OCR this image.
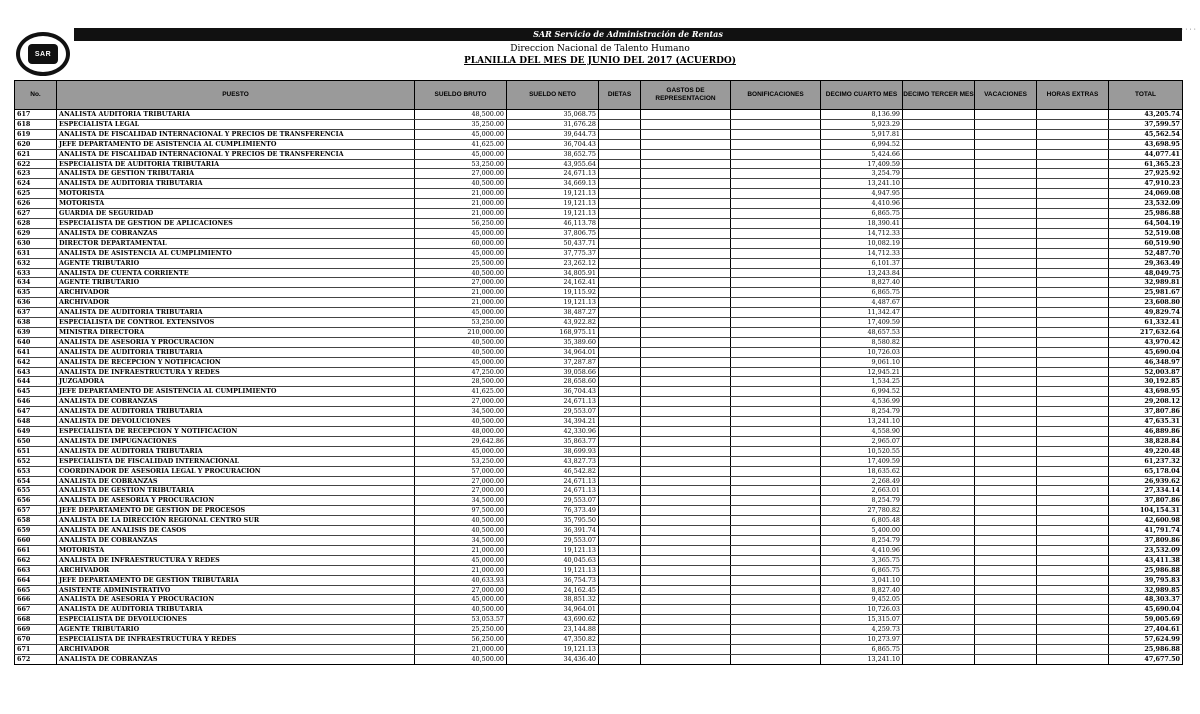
SAR
SAR Servicio de Administración de Rentas	· · · ·
Direccion Nacional de Talento Humano
PLANILLA DEL MES DE JUNIO DEL 2017 (ACUERDO)
No.	PUESTO	SUELDO BRUTO	SUELDO NETO	DIETAS	GASTOS DE REPRESENTACION	BONIFICACIONES	DECIMO CUARTO MES	DECIMO TERCER MES	VACACIONES	HORAS EXTRAS	TOTAL
617	ANALISTA AUDITORIA TRIBUTARIA	48,500.00	35,068.75				8,136.99				43,205.74
618	ESPECIALISTA LEGAL	35,250.00	31,676.28				5,923.29				37,599.57
619	ANALISTA DE FISCALIDAD INTERNACIONAL Y PRECIOS DE TRANSFERENCIA	45,000.00	39,644.73				5,917.81				45,562.54
620	JEFE DEPARTAMENTO DE ASISTENCIA AL CUMPLIMIENTO	41,625.00	36,704.43				6,994.52				43,698.95
621	ANALISTA DE FISCALIDAD INTERNACIONAL Y PRECIOS DE TRANSFERENCIA	45,000.00	38,652.75				5,424.66				44,077.41
622	ESPECIALISTA DE AUDITORIA TRIBUTARIA	53,250.00	43,955.64				17,409.59				61,365.23
623	ANALISTA DE GESTION TRIBUTARIA	27,000.00	24,671.13				3,254.79				27,925.92
624	ANALISTA DE AUDITORIA TRIBUTARIA	40,500.00	34,669.13				13,241.10				47,910.23
625	MOTORISTA	21,000.00	19,121.13				4,947.95				24,069.08
626	MOTORISTA	21,000.00	19,121.13				4,410.96				23,532.09
627	GUARDIA DE SEGURIDAD	21,000.00	19,121.13				6,865.75				25,986.88
628	ESPECIALISTA DE GESTION DE APLICACIONES	56,250.00	46,113.78				18,390.41				64,504.19
629	ANALISTA DE COBRANZAS	45,000.00	37,806.75				14,712.33				52,519.08
630	DIRECTOR DEPARTAMENTAL	60,000.00	50,437.71				10,082.19				60,519.90
631	ANALISTA DE ASISTENCIA AL CUMPLIMIENTO	45,000.00	37,775.37				14,712.33				52,487.70
632	AGENTE TRIBUTARIO	25,500.00	23,262.12				6,101.37				29,363.49
633	ANALISTA DE CUENTA CORRIENTE	40,500.00	34,805.91				13,243.84				48,049.75
634	AGENTE TRIBUTARIO	27,000.00	24,162.41				8,827.40				32,989.81
635	ARCHIVADOR	21,000.00	19,115.92				6,865.75				25,981.67
636	ARCHIVADOR	21,000.00	19,121.13				4,487.67				23,608.80
637	ANALISTA DE AUDITORIA TRIBUTARIA	45,000.00	38,487.27				11,342.47				49,829.74
638	ESPECIALISTA DE CONTROL EXTENSIVOS	53,250.00	43,922.82				17,409.59				61,332.41
639	MINISTRA DIRECTORA	210,000.00	168,975.11				48,657.53				217,632.64
640	ANALISTA DE ASESORIA Y PROCURACION	40,500.00	35,389.60				8,580.82				43,970.42
641	ANALISTA DE AUDITORIA TRIBUTARIA	40,500.00	34,964.01				10,726.03				45,690.04
642	ANALISTA DE RECEPCION Y NOTIFICACION	45,000.00	37,287.87				9,061.10				46,348.97
643	ANALISTA DE INFRAESTRUCTURA Y REDES	47,250.00	39,058.66				12,945.21				52,003.87
644	JUZGADORA	28,500.00	28,658.60				1,534.25				30,192.85
645	JEFE DEPARTAMENTO DE ASISTENCIA AL CUMPLIMIENTO	41,625.00	36,704.43				6,994.52				43,698.95
646	ANALISTA DE COBRANZAS	27,000.00	24,671.13				4,536.99				29,208.12
647	ANALISTA DE AUDITORIA TRIBUTARIA	34,500.00	29,553.07				8,254.79				37,807.86
648	ANALISTA DE DEVOLUCIONES	40,500.00	34,394.21				13,241.10				47,635.31
649	ESPECIALISTA DE RECEPCION Y NOTIFICACION	48,000.00	42,330.96				4,558.90				46,889.86
650	ANALISTA DE IMPUGNACIONES	29,642.86	35,863.77				2,965.07				38,828.84
651	ANALISTA DE AUDITORIA TRIBUTARIA	45,000.00	38,699.93				10,520.55				49,220.48
652	ESPECIALISTA DE FISCALIDAD INTERNACIONAL	53,250.00	43,827.73				17,409.59				61,237.32
653	COORDINADOR DE ASESORIA LEGAL Y PROCURACION	57,000.00	46,542.82				18,635.62				65,178.04
654	ANALISTA DE COBRANZAS	27,000.00	24,671.13				2,268.49				26,939.62
655	ANALISTA DE GESTION TRIBUTARIA	27,000.00	24,671.13				2,663.01				27,334.14
656	ANALISTA DE ASESORIA Y PROCURACION	34,500.00	29,553.07				8,254.79				37,807.86
657	JEFE DEPARTAMENTO DE GESTION DE PROCESOS	97,500.00	76,373.49				27,780.82				104,154.31
658	ANALISTA DE LA DIRECCIÓN REGIONAL CENTRO SUR	40,500.00	35,795.50				6,805.48				42,600.98
659	ANALISTA DE ANALISIS DE CASOS	40,500.00	36,391.74				5,400.00				41,791.74
660	ANALISTA DE COBRANZAS	34,500.00	29,553.07				8,254.79				37,809.86
661	MOTORISTA	21,000.00	19,121.13				4,410.96				23,532.09
662	ANALISTA DE INFRAESTRUCTURA Y REDES	45,000.00	40,045.63				3,365.75				43,411.38
663	ARCHIVADOR	21,000.00	19,121.13				6,865.75				25,986.88
664	JEFE DEPARTAMENTO DE GESTION TRIBUTARIA	40,633.93	36,754.73				3,041.10				39,795.83
665	ASISTENTE ADMINISTRATIVO	27,000.00	24,162.45				8,827.40				32,989.85
666	ANALISTA DE ASESORIA Y PROCURACION	45,000.00	38,851.32				9,452.05				48,303.37
667	ANALISTA DE AUDITORIA TRIBUTARIA	40,500.00	34,964.01				10,726.03				45,690.04
668	ESPECIALISTA DE DEVOLUCIONES	53,053.57	43,690.62				15,315.07				59,005.69
669	AGENTE TRIBUTARIO	25,250.00	23,144.88				4,259.73				27,404.61
670	ESPECIALISTA DE INFRAESTRUCTURA Y REDES	56,250.00	47,350.82				10,273.97				57,624.99
671	ARCHIVADOR	21,000.00	19,121.13				6,865.75				25,986.88
672	ANALISTA DE COBRANZAS	40,500.00	34,436.40				13,241.10				47,677.50
